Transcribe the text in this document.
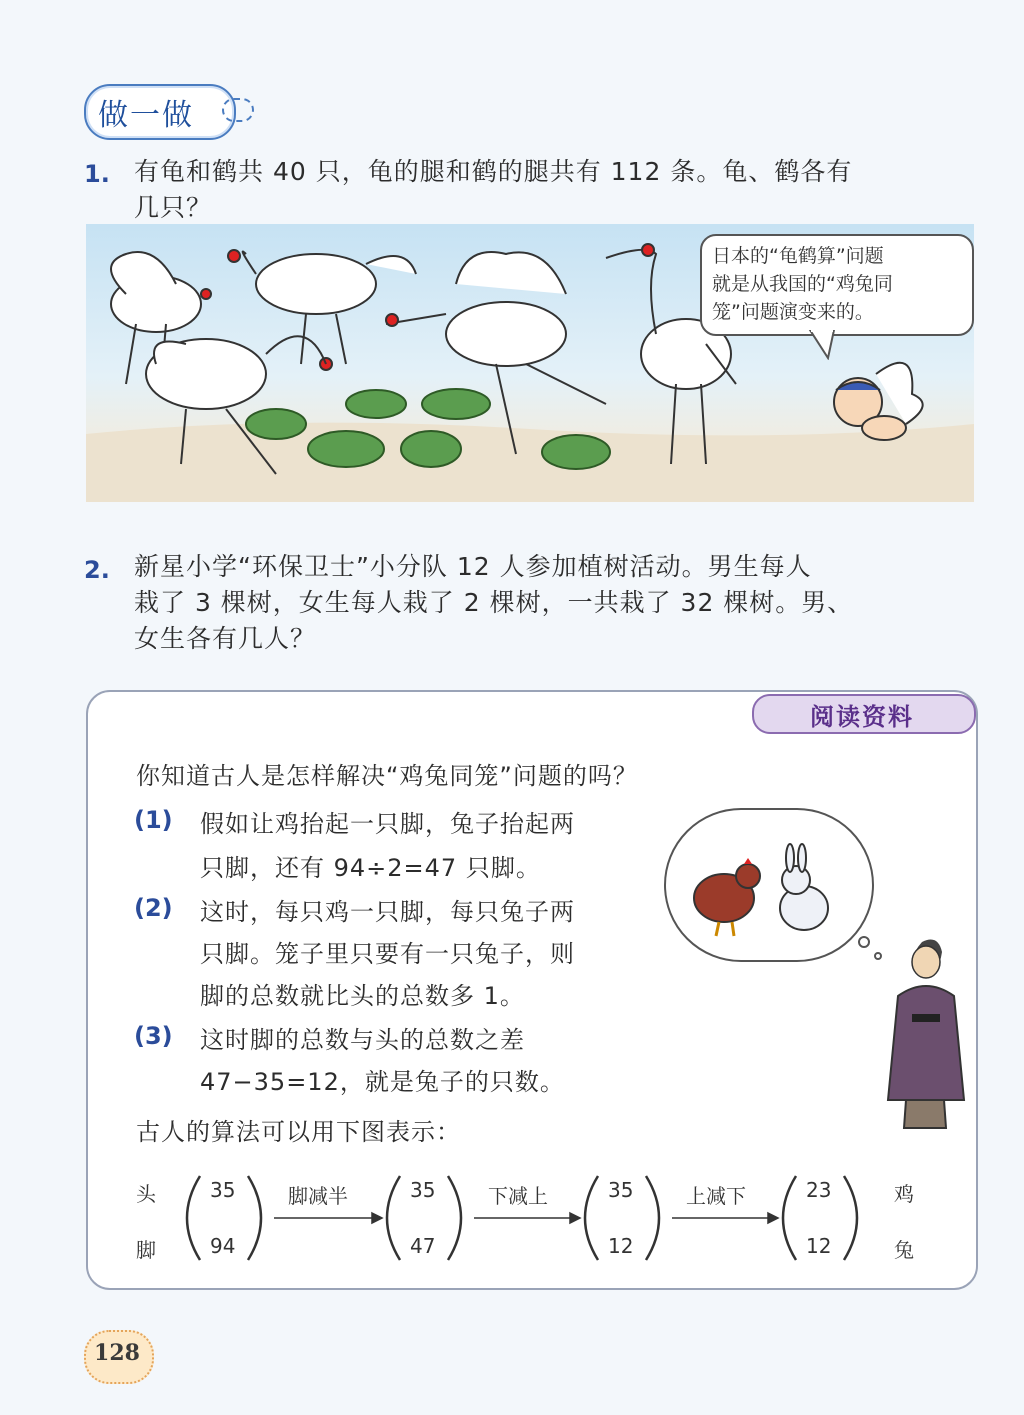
做一做
1. 有龟和鹤共 40 只，龟的腿和鹤的腿共有 112 条。龟、鹤各有
几只？
日本的“龟鹤算”问题
就是从我国的“鸡兔同
笼”问题演变来的。
2. 新星小学“环保卫士”小分队 12 人参加植树活动。男生每人
栽了 3 棵树，女生每人栽了 2 棵树，一共栽了 32 棵树。男、
女生各有几人？
阅读资料
你知道古人是怎样解决“鸡兔同笼”问题的吗？
(1) 假如让鸡抬起一只脚，兔子抬起两
只脚，还有 94÷2=47 只脚。
(2) 这时，每只鸡一只脚，每只兔子两
只脚。笼子里只要有一只兔子，则
脚的总数就比头的总数多 1。
(3) 这时脚的总数与头的总数之差
47−35=12，就是兔子的只数。
古人的算法可以用下图表示：
头
脚
鸡
兔
35
94
35
47
35
12
23
12
脚减半	下减上	上减下
128
